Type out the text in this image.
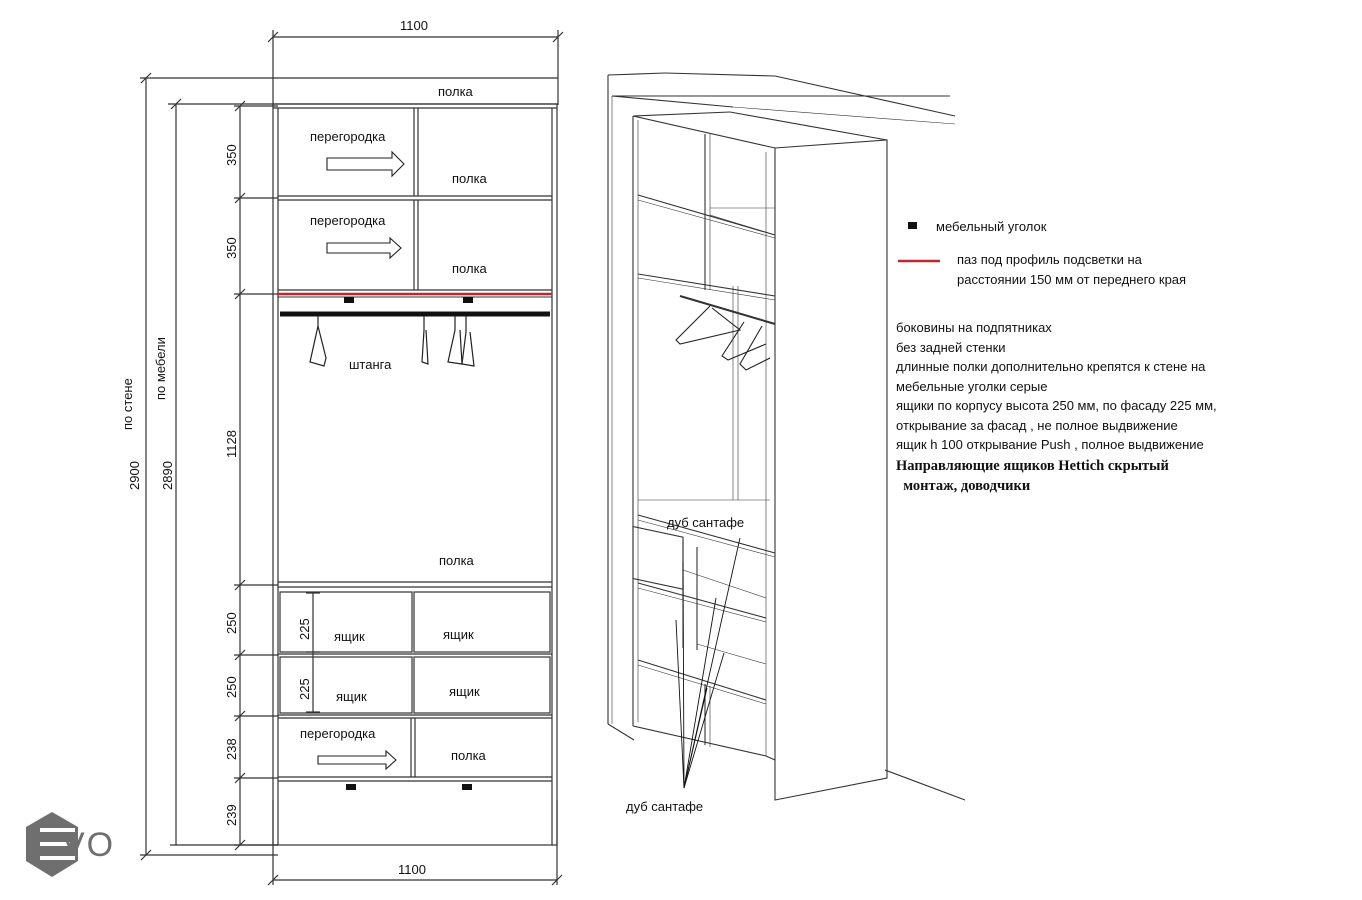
1100
полка
перегородка
полка
перегородка
полка
штанга
полка
ящик	ящик
ящик	ящик
перегородка
полка
1100
2900
по стене
2890
по мебели
350
350
1128
250
250
238
239
225
225
дуб сантафе
дуб сантафе
мебельный уголок
паз под профиль подсветки на
расстоянии 150 мм от переднего края
боковины на подпятниках
без задней стенки
длинные полки дополнительно крепятся к стене на
мебельные уголки серые
ящики по корпусу высота 250 мм, по фасаду 225 мм,
открывание за фасад , не полное выдвижение
ящик h 100 открывание Push , полное выдвижение
Направляющие ящиков Hettich скрытый
монтаж, доводчики
VO
